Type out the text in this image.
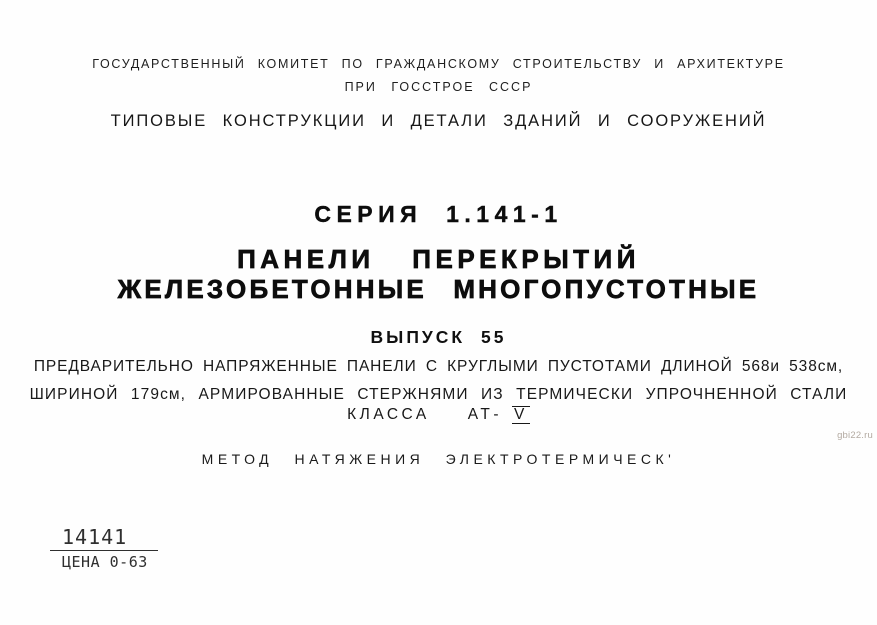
ГОСУДАРСТВЕННЫЙ КОМИТЕТ ПО ГРАЖДАНСКОМУ СТРОИТЕЛЬСТВУ И АРХИТЕКТУРЕ
ПРИ ГОССТРОЕ СССР
ТИПОВЫЕ КОНСТРУКЦИИ И ДЕТАЛИ ЗДАНИЙ И СООРУЖЕНИЙ
СЕРИЯ 1.141-1
ПАНЕЛИ ПЕРЕКРЫТИЙ
ЖЕЛЕЗОБЕТОННЫЕ МНОГОПУСТОТНЫЕ
ВЫПУСК 55
ПРЕДВАРИТЕЛЬНО НАПРЯЖЕННЫЕ ПАНЕЛИ С КРУГЛЫМИ ПУСТОТАМИ ДЛИНОЙ 568и 538см,
ШИРИНОЙ 179см, АРМИРОВАННЫЕ СТЕРЖНЯМИ ИЗ ТЕРМИЧЕСКИ УПРОЧНЕННОЙ СТАЛИ
КЛАССА АТ- V
gbi22.ru
МЕТОД НАТЯЖЕНИЯ ЭЛЕКТРОТЕРМИЧЕСК'
14141
ЦЕНА 0-63
